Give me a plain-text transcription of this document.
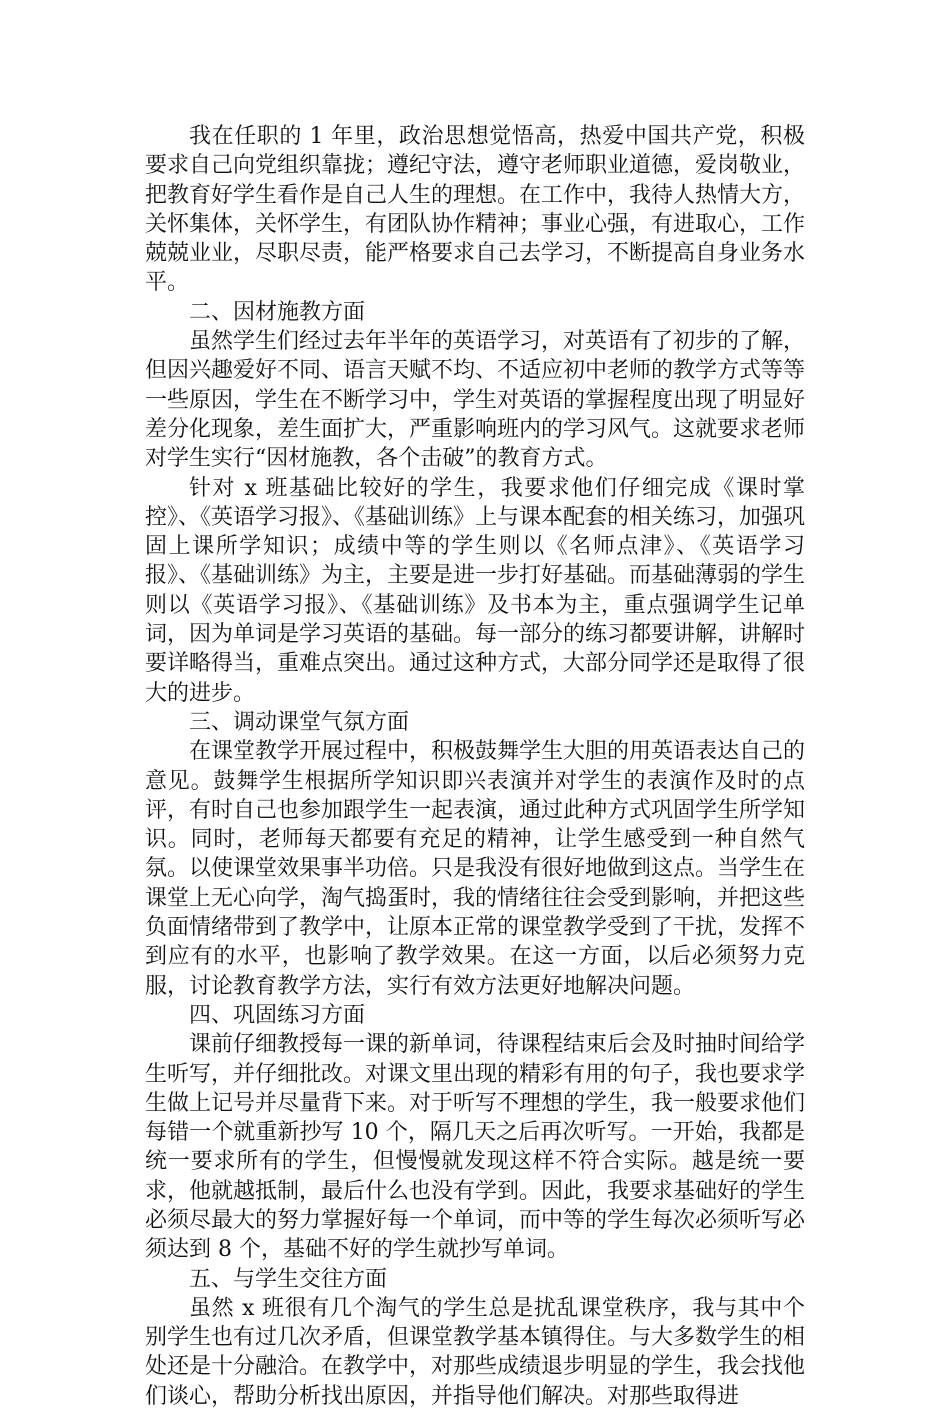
我在任职的 1 年里，政治思想觉悟高，热爱中国共产党，积极要求自己向党组织靠拢；遵纪守法，遵守老师职业道德，爱岗敬业，把教育好学生看作是自己人生的理想。在工作中，我待人热情大方，关怀集体，关怀学生，有团队协作精神；事业心强，有进取心，工作兢兢业业，尽职尽责，能严格要求自己去学习，不断提高自身业务水平。

二、因材施教方面

虽然学生们经过去年半年的英语学习，对英语有了初步的了解，但因兴趣爱好不同、语言天赋不均、不适应初中老师的教学方式等等一些原因，学生在不断学习中，学生对英语的掌握程度出现了明显好差分化现象，差生面扩大，严重影响班内的学习风气。这就要求老师对学生实行“因材施教，各个击破”的教育方式。

针对 x 班基础比较好的学生，我要求他们仔细完成《课时掌控》、《英语学习报》、《基础训练》上与课本配套的相关练习，加强巩固上课所学知识；成绩中等的学生则以《名师点津》、《英语学习报》、《基础训练》为主，主要是进一步打好基础。而基础薄弱的学生则以《英语学习报》、《基础训练》及书本为主，重点强调学生记单词，因为单词是学习英语的基础。每一部分的练习都要讲解，讲解时要详略得当，重难点突出。通过这种方式，大部分同学还是取得了很大的进步。

三、调动课堂气氛方面

在课堂教学开展过程中，积极鼓舞学生大胆的用英语表达自己的意见。鼓舞学生根据所学知识即兴表演并对学生的表演作及时的点评，有时自己也参加跟学生一起表演，通过此种方式巩固学生所学知识。同时，老师每天都要有充足的精神，让学生感受到一种自然气氛。以使课堂效果事半功倍。只是我没有很好地做到这点。当学生在课堂上无心向学，淘气捣蛋时，我的情绪往往会受到影响，并把这些负面情绪带到了教学中，让原本正常的课堂教学受到了干扰，发挥不到应有的水平，也影响了教学效果。在这一方面，以后必须努力克服，讨论教育教学方法，实行有效方法更好地解决问题。

四、巩固练习方面

课前仔细教授每一课的新单词，待课程结束后会及时抽时间给学生听写，并仔细批改。对课文里出现的精彩有用的句子，我也要求学生做上记号并尽量背下来。对于听写不理想的学生，我一般要求他们每错一个就重新抄写 10 个，隔几天之后再次听写。一开始，我都是统一要求所有的学生，但慢慢就发现这样不符合实际。越是统一要求，他就越抵制，最后什么也没有学到。因此，我要求基础好的学生必须尽最大的努力掌握好每一个单词，而中等的学生每次必须听写必须达到 8 个，基础不好的学生就抄写单词。

五、与学生交往方面

虽然 x 班很有几个淘气的学生总是扰乱课堂秩序，我与其中个别学生也有过几次矛盾，但课堂教学基本镇得住。与大多数学生的相处还是十分融洽。在教学中，对那些成绩退步明显的学生，我会找他们谈心，帮助分析找出原因，并指导他们解决。对那些取得进
